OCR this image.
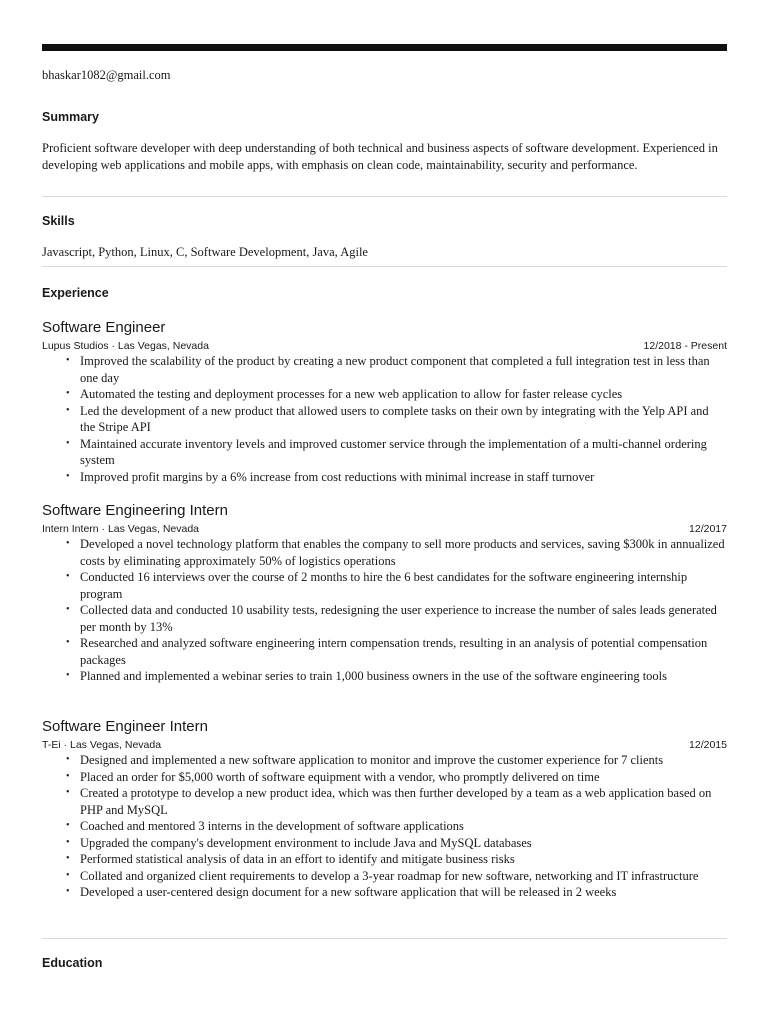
bhaskar1082@gmail.com
Summary
Proficient software developer with deep understanding of both technical and business aspects of software development. Experienced in developing web applications and mobile apps, with emphasis on clean code, maintainability, security and performance.
Skills
Javascript, Python, Linux, C, Software Development, Java, Agile
Experience
Software Engineer
Lupus Studios · Las Vegas, Nevada	12/2018 - Present
• Improved the scalability of the product by creating a new product component that completed a full integration test in less than one day
• Automated the testing and deployment processes for a new web application to allow for faster release cycles
• Led the development of a new product that allowed users to complete tasks on their own by integrating with the Yelp API and the Stripe API
• Maintained accurate inventory levels and improved customer service through the implementation of a multi-channel ordering system
• Improved profit margins by a 6% increase from cost reductions with minimal increase in staff turnover
Software Engineering Intern
Intern Intern · Las Vegas, Nevada	12/2017
• Developed a novel technology platform that enables the company to sell more products and services, saving $300k in annualized costs by eliminating approximately 50% of logistics operations
• Conducted 16 interviews over the course of 2 months to hire the 6 best candidates for the software engineering internship program
• Collected data and conducted 10 usability tests, redesigning the user experience to increase the number of sales leads generated per month by 13%
• Researched and analyzed software engineering intern compensation trends, resulting in an analysis of potential compensation packages
• Planned and implemented a webinar series to train 1,000 business owners in the use of the software engineering tools
Software Engineer Intern
T-Ei · Las Vegas, Nevada	12/2015
• Designed and implemented a new software application to monitor and improve the customer experience for 7 clients
• Placed an order for $5,000 worth of software equipment with a vendor, who promptly delivered on time
• Created a prototype to develop a new product idea, which was then further developed by a team as a web application based on PHP and MySQL
• Coached and mentored 3 interns in the development of software applications
• Upgraded the company's development environment to include Java and MySQL databases
• Performed statistical analysis of data in an effort to identify and mitigate business risks
• Collated and organized client requirements to develop a 3-year roadmap for new software, networking and IT infrastructure
• Developed a user-centered design document for a new software application that will be released in 2 weeks
Education
